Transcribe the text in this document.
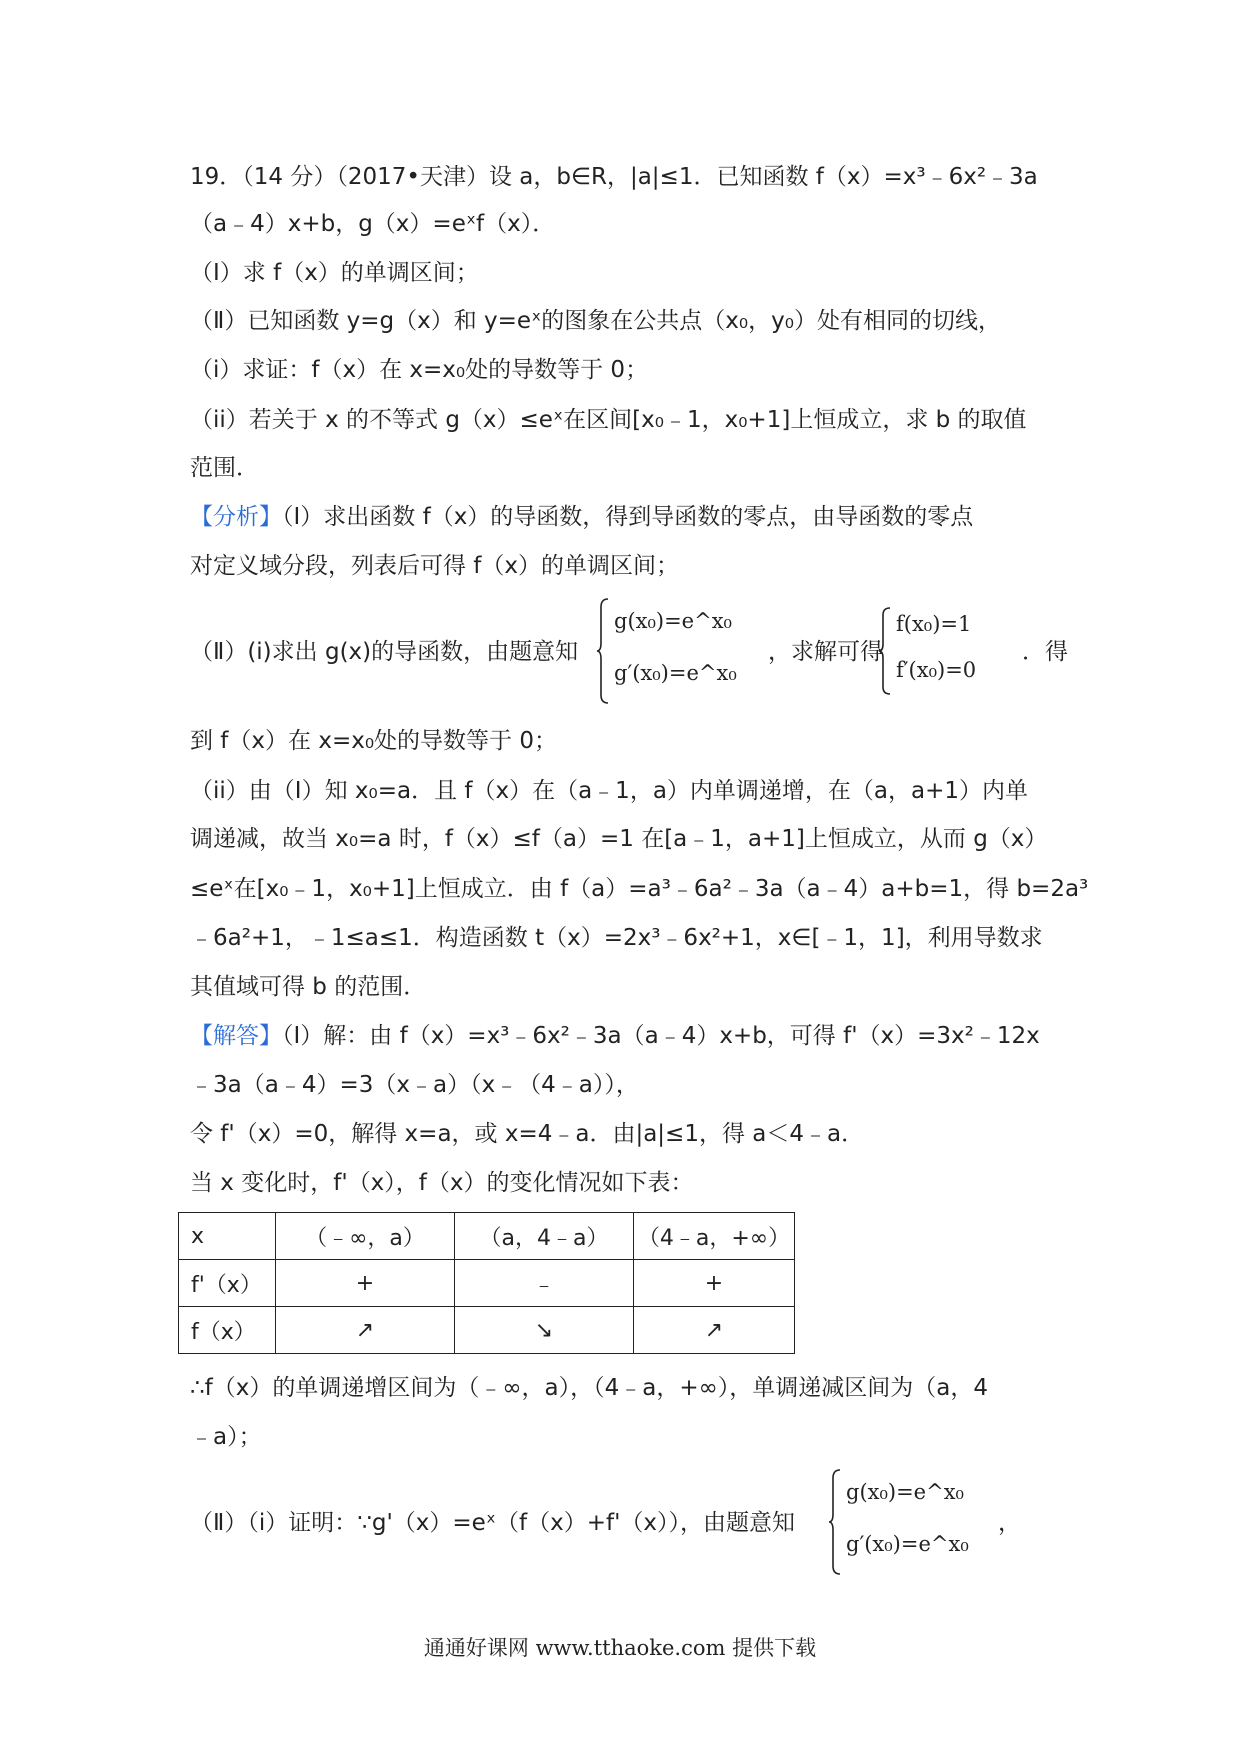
19．（14 分）（2017•天津）设 a，b∈R，|a|≤1．已知函数 f（x）=x³﹣6x²﹣3a
（a﹣4）x+b，g（x）=eˣf（x）．
（Ⅰ）求 f（x）的单调区间；
（Ⅱ）已知函数 y=g（x）和 y=eˣ的图象在公共点（x₀，y₀）处有相同的切线，
（i）求证：f（x）在 x=x₀处的导数等于 0；
（ii）若关于 x 的不等式 g（x）≤eˣ在区间[x₀﹣1，x₀+1]上恒成立，求 b 的取值
范围．
【分析】（Ⅰ）求出函数 f（x）的导函数，得到导函数的零点，由导函数的零点
对定义域分段，列表后可得 f（x）的单调区间；
（Ⅱ）(i)求出 g(x)的导函数，由题意知
g(x₀)=e^x₀
g′(x₀)=e^x₀
，求解可得
f(x₀)=1
f′(x₀)=0
．得
到 f（x）在 x=x₀处的导数等于 0；
（ii）由（I）知 x₀=a．且 f（x）在（a﹣1，a）内单调递增，在（a，a+1）内单
调递减，故当 x₀=a 时，f（x）≤f（a）=1 在[a﹣1，a+1]上恒成立，从而 g（x）
≤eˣ在[x₀﹣1，x₀+1]上恒成立．由 f（a）=a³﹣6a²﹣3a（a﹣4）a+b=1，得 b=2a³
﹣6a²+1，﹣1≤a≤1．构造函数 t（x）=2x³﹣6x²+1，x∈[﹣1，1]，利用导数求
其值域可得 b 的范围．
【解答】（Ⅰ）解：由 f（x）=x³﹣6x²﹣3a（a﹣4）x+b，可得 f'（x）=3x²﹣12x
﹣3a（a﹣4）=3（x﹣a）（x﹣（4﹣a）），
令 f'（x）=0，解得 x=a，或 x=4﹣a．由|a|≤1，得 a＜4﹣a．
当 x 变化时，f'（x），f（x）的变化情况如下表：
x	（﹣∞，a）	（a，4﹣a）	（4﹣a，+∞）
f'（x）	+	﹣	+
f（x）	↗	↘	↗
∴f（x）的单调递增区间为（﹣∞，a），（4﹣a，+∞），单调递减区间为（a，4
﹣a）；
（Ⅱ）（i）证明：∵g'（x）=eˣ（f（x）+f'（x）），由题意知
g(x₀)=e^x₀
g′(x₀)=e^x₀
，
通通好课网 www.tthaoke.com 提供下载
